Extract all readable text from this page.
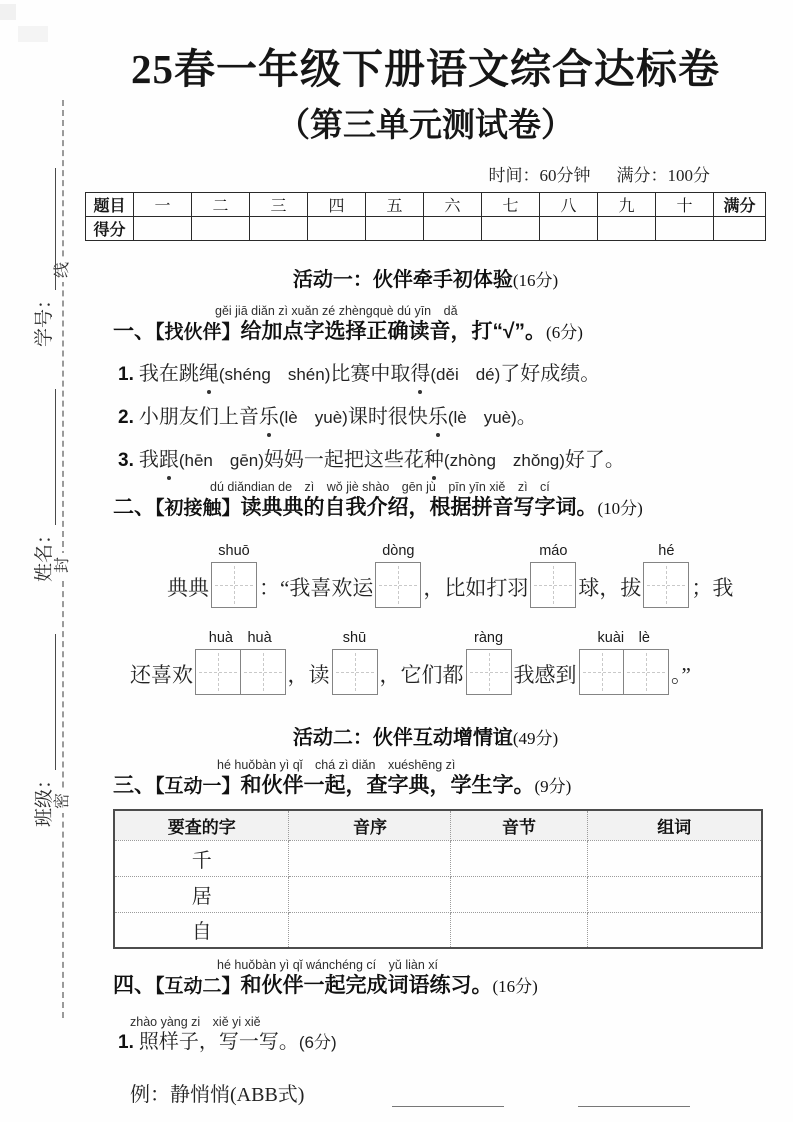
线
封
密
班级：
姓名：
学号：
25春一年级下册语文综合达标卷
（第三单元测试卷）
时间：60分钟 满分：100分
题目	一	二	三	四	五	六	七	八	九	十	满分
得分											
活动一：伙伴牵手初体验(16分)
gěi jiā diǎn zì xuǎn zé zhèngquè dú yīn　dǎ
一、【找伙伴】给加点字选择正确读音，打“√”。(6分)
1. 我在跳绳(shéng　shén)比赛中取得(děi　dé)了好成绩。
2. 小朋友们上音乐(lè　yuè)课时很快乐(lè　yuè)。
3. 我跟(hēn　gēn)妈妈一起把这些花种(zhòng　zhǒng)好了。
dú diǎndian de　zì　wǒ jiè shào　gēn jù　pīn yīn xiě　zì　cí
二、【初接触】读典典的自我介绍，根据拼音写字词。(10分)
典典
shuō
：“我喜欢运
dòng
，比如打羽
máo
球，拔
hé
；我
还喜欢
huà　huà
，读
shū
，它们都
ràng
我感到
kuài　lè
。”
活动二：伙伴互动增情谊(49分)
hé huǒbàn yì qǐ　chá zì diǎn　xuéshēng zì
三、【互动一】和伙伴一起，查字典，学生字。(9分)
要查的字	音序	音节	组词
千			
居			
自			
hé huǒbàn yì qǐ wánchéng cí　yǔ liàn xí
四、【互动二】和伙伴一起完成词语练习。(16分)
zhào yàng zi　xiě yi xiě
1. 照样子，写一写。(6分)
例：静悄悄(ABB式)
